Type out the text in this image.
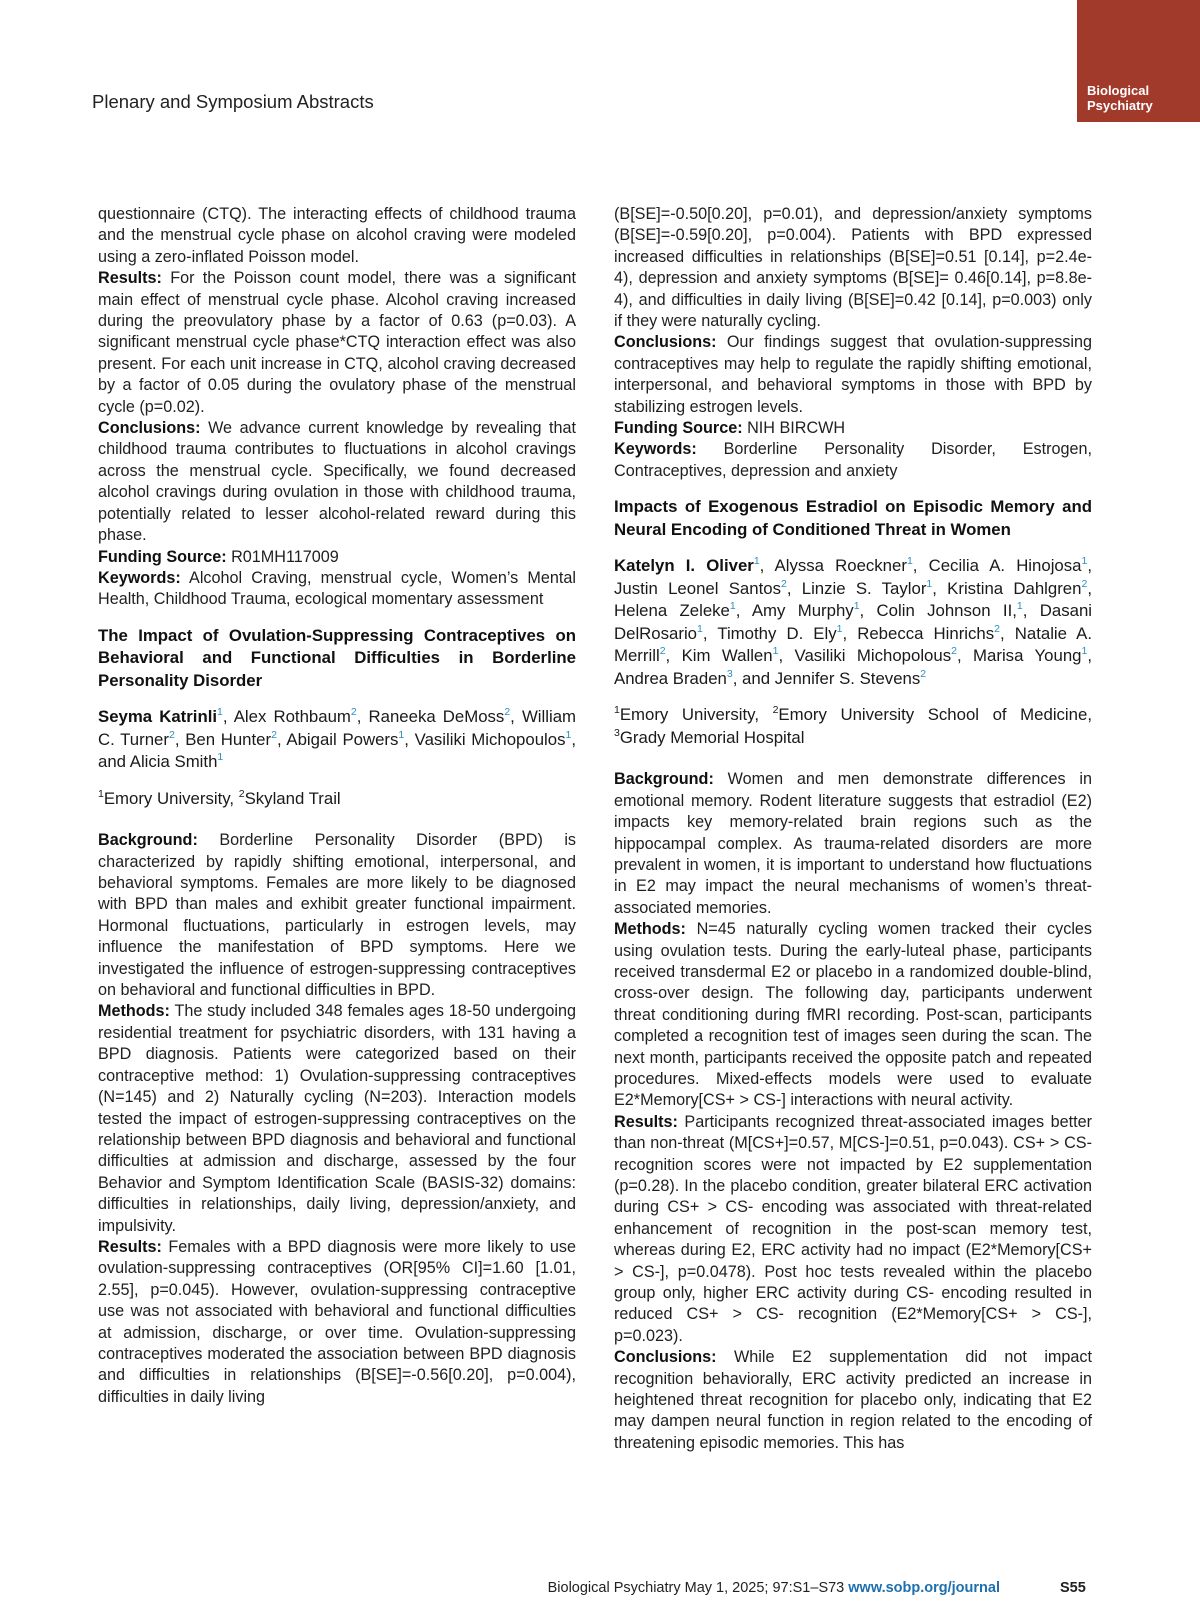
Plenary and Symposium Abstracts
Biological
Psychiatry

questionnaire (CTQ). The interacting effects of childhood trauma and the menstrual cycle phase on alcohol craving were modeled using a zero-inflated Poisson model.

Results: For the Poisson count model, there was a significant main effect of menstrual cycle phase. Alcohol craving increased during the preovulatory phase by a factor of 0.63 (p=0.03). A significant menstrual cycle phase*CTQ interaction effect was also present. For each unit increase in CTQ, alcohol craving decreased by a factor of 0.05 during the ovulatory phase of the menstrual cycle (p=0.02).

Conclusions: We advance current knowledge by revealing that childhood trauma contributes to fluctuations in alcohol cravings across the menstrual cycle. Specifically, we found decreased alcohol cravings during ovulation in those with childhood trauma, potentially related to lesser alcohol-related reward during this phase.

Funding Source: R01MH117009

Keywords: Alcohol Craving, menstrual cycle, Women’s Mental Health, Childhood Trauma, ecological momentary assessment

The Impact of Ovulation-Suppressing Contraceptives on Behavioral and Functional Difficulties in Borderline Personality Disorder

Seyma Katrinli$^1$, Alex Rothbaum$^2$, Raneeka DeMoss$^2$, William C. Turner$^2$, Ben Hunter$^2$, Abigail Powers$^1$, Vasiliki Michopoulos$^1$, and Alicia Smith$^1$

$^1$Emory University, $^2$Skyland Trail

Background: Borderline Personality Disorder (BPD) is characterized by rapidly shifting emotional, interpersonal, and behavioral symptoms. Females are more likely to be diagnosed with BPD than males and exhibit greater functional impairment. Hormonal fluctuations, particularly in estrogen levels, may influence the manifestation of BPD symptoms. Here we investigated the influence of estrogen-suppressing contraceptives on behavioral and functional difficulties in BPD.

Methods: The study included 348 females ages 18-50 undergoing residential treatment for psychiatric disorders, with 131 having a BPD diagnosis. Patients were categorized based on their contraceptive method: 1) Ovulation-suppressing contraceptives (N=145) and 2) Naturally cycling (N=203). Interaction models tested the impact of estrogen-suppressing contraceptives on the relationship between BPD diagnosis and behavioral and functional difficulties at admission and discharge, assessed by the four Behavior and Symptom Identification Scale (BASIS-32) domains: difficulties in relationships, daily living, depression/anxiety, and impulsivity.

Results: Females with a BPD diagnosis were more likely to use ovulation-suppressing contraceptives (OR[95% CI]=1.60 [1.01, 2.55], p=0.045). However, ovulation-suppressing contraceptive use was not associated with behavioral and functional difficulties at admission, discharge, or over time. Ovulation-suppressing contraceptives moderated the association between BPD diagnosis and difficulties in relationships (B[SE]=-0.56[0.20], p=0.004), difficulties in daily living

(B[SE]=-0.50[0.20], p=0.01), and depression/anxiety symptoms (B[SE]=-0.59[0.20], p=0.004). Patients with BPD expressed increased difficulties in relationships (B[SE]=0.51 [0.14], p=2.4e-4), depression and anxiety symptoms (B[SE]= 0.46[0.14], p=8.8e-4), and difficulties in daily living (B[SE]=0.42 [0.14], p=0.003) only if they were naturally cycling.

Conclusions: Our findings suggest that ovulation-suppressing contraceptives may help to regulate the rapidly shifting emotional, interpersonal, and behavioral symptoms in those with BPD by stabilizing estrogen levels.

Funding Source: NIH BIRCWH

Keywords: Borderline Personality Disorder, Estrogen, Contraceptives, depression and anxiety

Impacts of Exogenous Estradiol on Episodic Memory and Neural Encoding of Conditioned Threat in Women

Katelyn I. Oliver$^1$, Alyssa Roeckner$^1$, Cecilia A. Hinojosa$^1$, Justin Leonel Santos$^2$, Linzie S. Taylor$^1$, Kristina Dahlgren$^2$, Helena Zeleke$^1$, Amy Murphy$^1$, Colin Johnson II,$^1$, Dasani DelRosario$^1$, Timothy D. Ely$^1$, Rebecca Hinrichs$^2$, Natalie A. Merrill$^2$, Kim Wallen$^1$, Vasiliki Michopolous$^2$, Marisa Young$^1$, Andrea Braden$^3$, and Jennifer S. Stevens$^2$

$^1$Emory University, $^2$Emory University School of Medicine, $^3$Grady Memorial Hospital

Background: Women and men demonstrate differences in emotional memory. Rodent literature suggests that estradiol (E2) impacts key memory-related brain regions such as the hippocampal complex. As trauma-related disorders are more prevalent in women, it is important to understand how fluctuations in E2 may impact the neural mechanisms of women’s threat-associated memories.

Methods: N=45 naturally cycling women tracked their cycles using ovulation tests. During the early-luteal phase, participants received transdermal E2 or placebo in a randomized double-blind, cross-over design. The following day, participants underwent threat conditioning during fMRI recording. Post-scan, participants completed a recognition test of images seen during the scan. The next month, participants received the opposite patch and repeated procedures. Mixed-effects models were used to evaluate E2*Memory[CS+ > CS-] interactions with neural activity.

Results: Participants recognized threat-associated images better than non-threat (M[CS+]=0.57, M[CS-]=0.51, p=0.043). CS+ > CS- recognition scores were not impacted by E2 supplementation (p=0.28). In the placebo condition, greater bilateral ERC activation during CS+ > CS- encoding was associated with threat-related enhancement of recognition in the post-scan memory test, whereas during E2, ERC activity had no impact (E2*Memory[CS+ > CS-], p=0.0478). Post hoc tests revealed within the placebo group only, higher ERC activity during CS- encoding resulted in reduced CS+ > CS- recognition (E2*Memory[CS+ > CS-], p=0.023).

Conclusions: While E2 supplementation did not impact recognition behaviorally, ERC activity predicted an increase in heightened threat recognition for placebo only, indicating that E2 may dampen neural function in region related to the encoding of threatening episodic memories. This has

Biological Psychiatry May 1, 2025; 97:S1–S73 www.sobp.org/journal	S55
